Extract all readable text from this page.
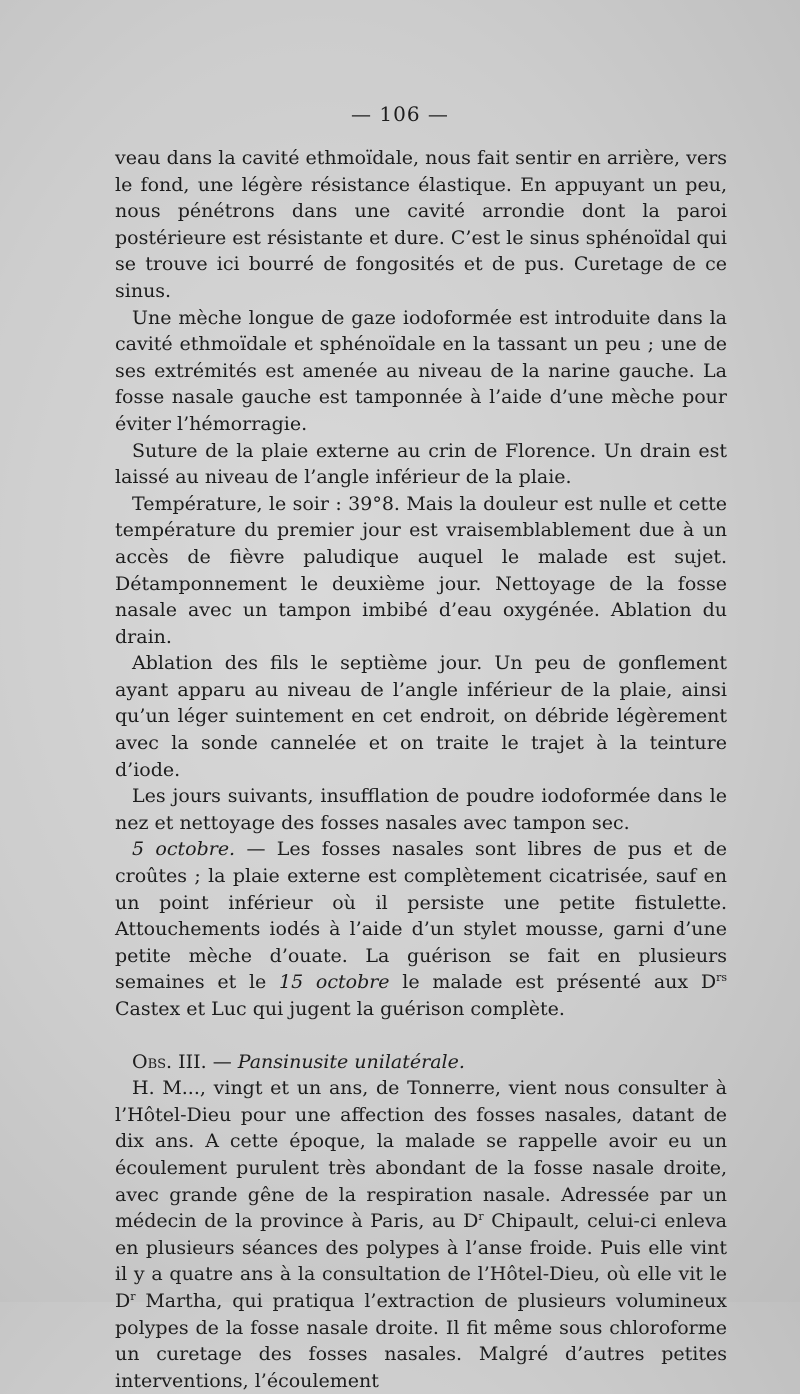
— 106 —

veau dans la cavité ethmoïdale, nous fait sentir en arrière, vers le fond, une légère résistance élastique. En appuyant un peu, nous pénétrons dans une cavité arrondie dont la paroi postérieure est résistante et dure. C’est le sinus sphénoïdal qui se trouve ici bourré de fongosités et de pus. Curetage de ce sinus.

Une mèche longue de gaze iodoformée est introduite dans la cavité ethmoïdale et sphénoïdale en la tassant un peu ; une de ses extrémités est amenée au niveau de la narine gauche. La fosse nasale gauche est tamponnée à l’aide d’une mèche pour éviter l’hémorragie.

Suture de la plaie externe au crin de Florence. Un drain est laissé au niveau de l’angle inférieur de la plaie.

Température, le soir : 39°8. Mais la douleur est nulle et cette température du premier jour est vraisemblablement due à un accès de fièvre paludique auquel le malade est sujet. Détamponnement le deuxième jour. Nettoyage de la fosse nasale avec un tampon imbibé d’eau oxygénée. Ablation du drain.

Ablation des fils le septième jour. Un peu de gonflement ayant apparu au niveau de l’angle inférieur de la plaie, ainsi qu’un léger suintement en cet endroit, on débride légèrement avec la sonde cannelée et on traite le trajet à la teinture d’iode.

Les jours suivants, insufflation de poudre iodoformée dans le nez et nettoyage des fosses nasales avec tampon sec.

5 octobre. — Les fosses nasales sont libres de pus et de croûtes ; la plaie externe est complètement cicatrisée, sauf en un point inférieur où il persiste une petite fistulette. Attouchements iodés à l’aide d’un stylet mousse, garni d’une petite mèche d’ouate. La guérison se fait en plusieurs semaines et le 15 octobre le malade est présenté aux $D^{rs}$ Castex et Luc qui jugent la guérison complète.

Obs. III. — Pansinusite unilatérale.

H. M..., vingt et un ans, de Tonnerre, vient nous consulter à l’Hôtel-Dieu pour une affection des fosses nasales, datant de dix ans. A cette époque, la malade se rappelle avoir eu un écoulement purulent très abondant de la fosse nasale droite, avec grande gêne de la respiration nasale. Adressée par un médecin de la province à Paris, au $D^r$ Chipault, celui-ci enleva en plusieurs séances des polypes à l’anse froide. Puis elle vint il y a quatre ans à la consultation de l’Hôtel-Dieu, où elle vit le $D^r$ Martha, qui pratiqua l’extraction de plusieurs volumineux polypes de la fosse nasale droite. Il fit même sous chloroforme un curetage des fosses nasales. Malgré d’autres petites interventions, l’écoulement
